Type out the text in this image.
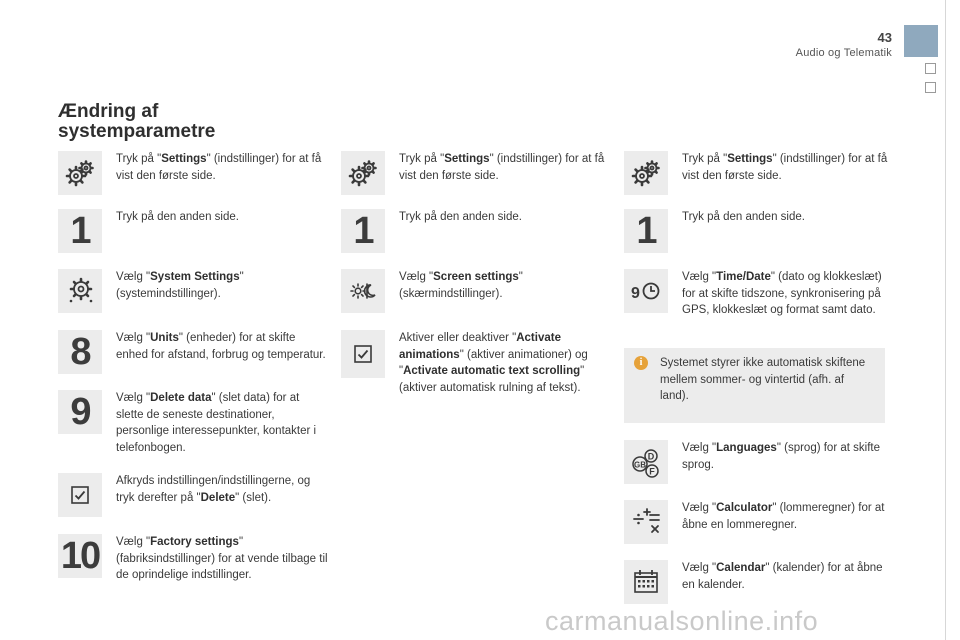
43
Audio og Telematik
Ændring af
systemparametre
Tryk på "Settings" (indstillinger) for at få vist den første side.
1 Tryk på den anden side.
Vælg "System Settings" (systemindstillinger).
8 Vælg "Units" (enheder) for at skifte enhed for afstand, forbrug og temperatur.
9 Vælg "Delete data" (slet data) for at slette de seneste destinationer, personlige interessepunkter, kontakter i telefonbogen.
Afkryds indstillingen/indstillingerne, og tryk derefter på "Delete" (slet).
10 Vælg "Factory settings" (fabriksindstillinger) for at vende tilbage til de oprindelige indstillinger.
Tryk på "Settings" (indstillinger) for at få vist den første side.
1 Tryk på den anden side.
Vælg "Screen settings" (skærmindstillinger).
Aktiver eller deaktiver "Activate animations" (aktiver animationer) og "Activate automatic text scrolling" (aktiver automatisk rulning af tekst).
Tryk på "Settings" (indstillinger) for at få vist den første side.
1 Tryk på den anden side.
9
Vælg "Time/Date" (dato og klokkeslæt) for at skifte tidszone, synkronisering på GPS, klokkeslæt og format samt dato.
i	Systemet styrer ikke automatisk skiftene mellem sommer- og vintertid (afh. af land).
D
GB
F
Vælg "Languages" (sprog) for at skifte sprog.
Vælg "Calculator" (lommeregner) for at åbne en lommeregner.
Vælg "Calendar" (kalender) for at åbne en kalender.
carmanualsonline.info
